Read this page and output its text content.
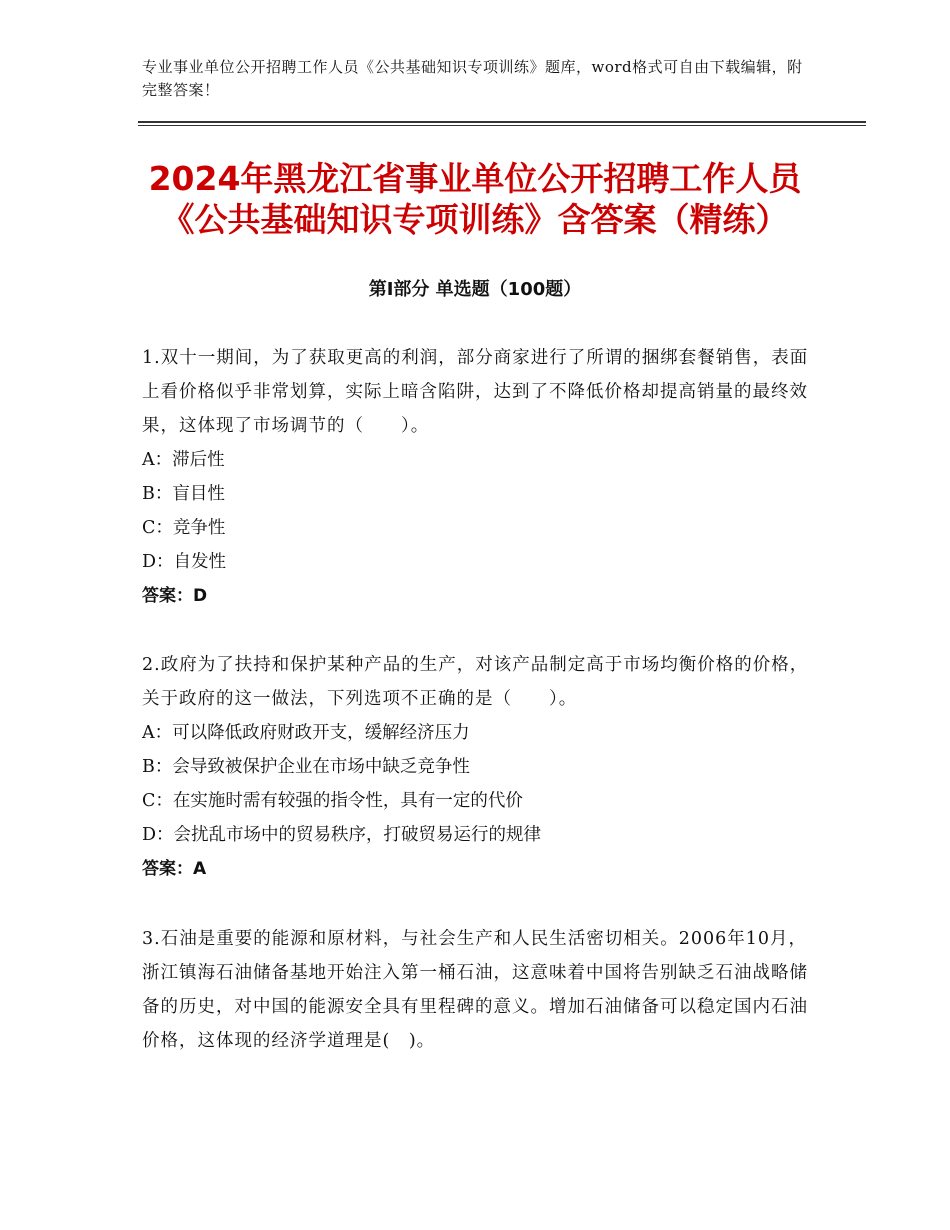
专业事业单位公开招聘工作人员《公共基础知识专项训练》题库，word格式可自由下载编辑，附完整答案！
2024年黑龙江省事业单位公开招聘工作人员
《公共基础知识专项训练》含答案（精练）
第I部分 单选题（100题）
1.双十一期间，为了获取更高的利润，部分商家进行了所谓的捆绑套餐销售，表面上看价格似乎非常划算，实际上暗含陷阱，达到了不降低价格却提高销量的最终效果，这体现了市场调节的（　　）。
A：滞后性
B：盲目性
C：竞争性
D：自发性
答案：D
2.政府为了扶持和保护某种产品的生产，对该产品制定高于市场均衡价格的价格，关于政府的这一做法，下列选项不正确的是（　　）。
A：可以降低政府财政开支，缓解经济压力
B：会导致被保护企业在市场中缺乏竞争性
C：在实施时需有较强的指令性，具有一定的代价
D：会扰乱市场中的贸易秩序，打破贸易运行的规律
答案：A
3.石油是重要的能源和原材料，与社会生产和人民生活密切相关。2006年10月，浙江镇海石油储备基地开始注入第一桶石油，这意味着中国将告别缺乏石油战略储备的历史，对中国的能源安全具有里程碑的意义。增加石油储备可以稳定国内石油价格，这体现的经济学道理是(　)。
